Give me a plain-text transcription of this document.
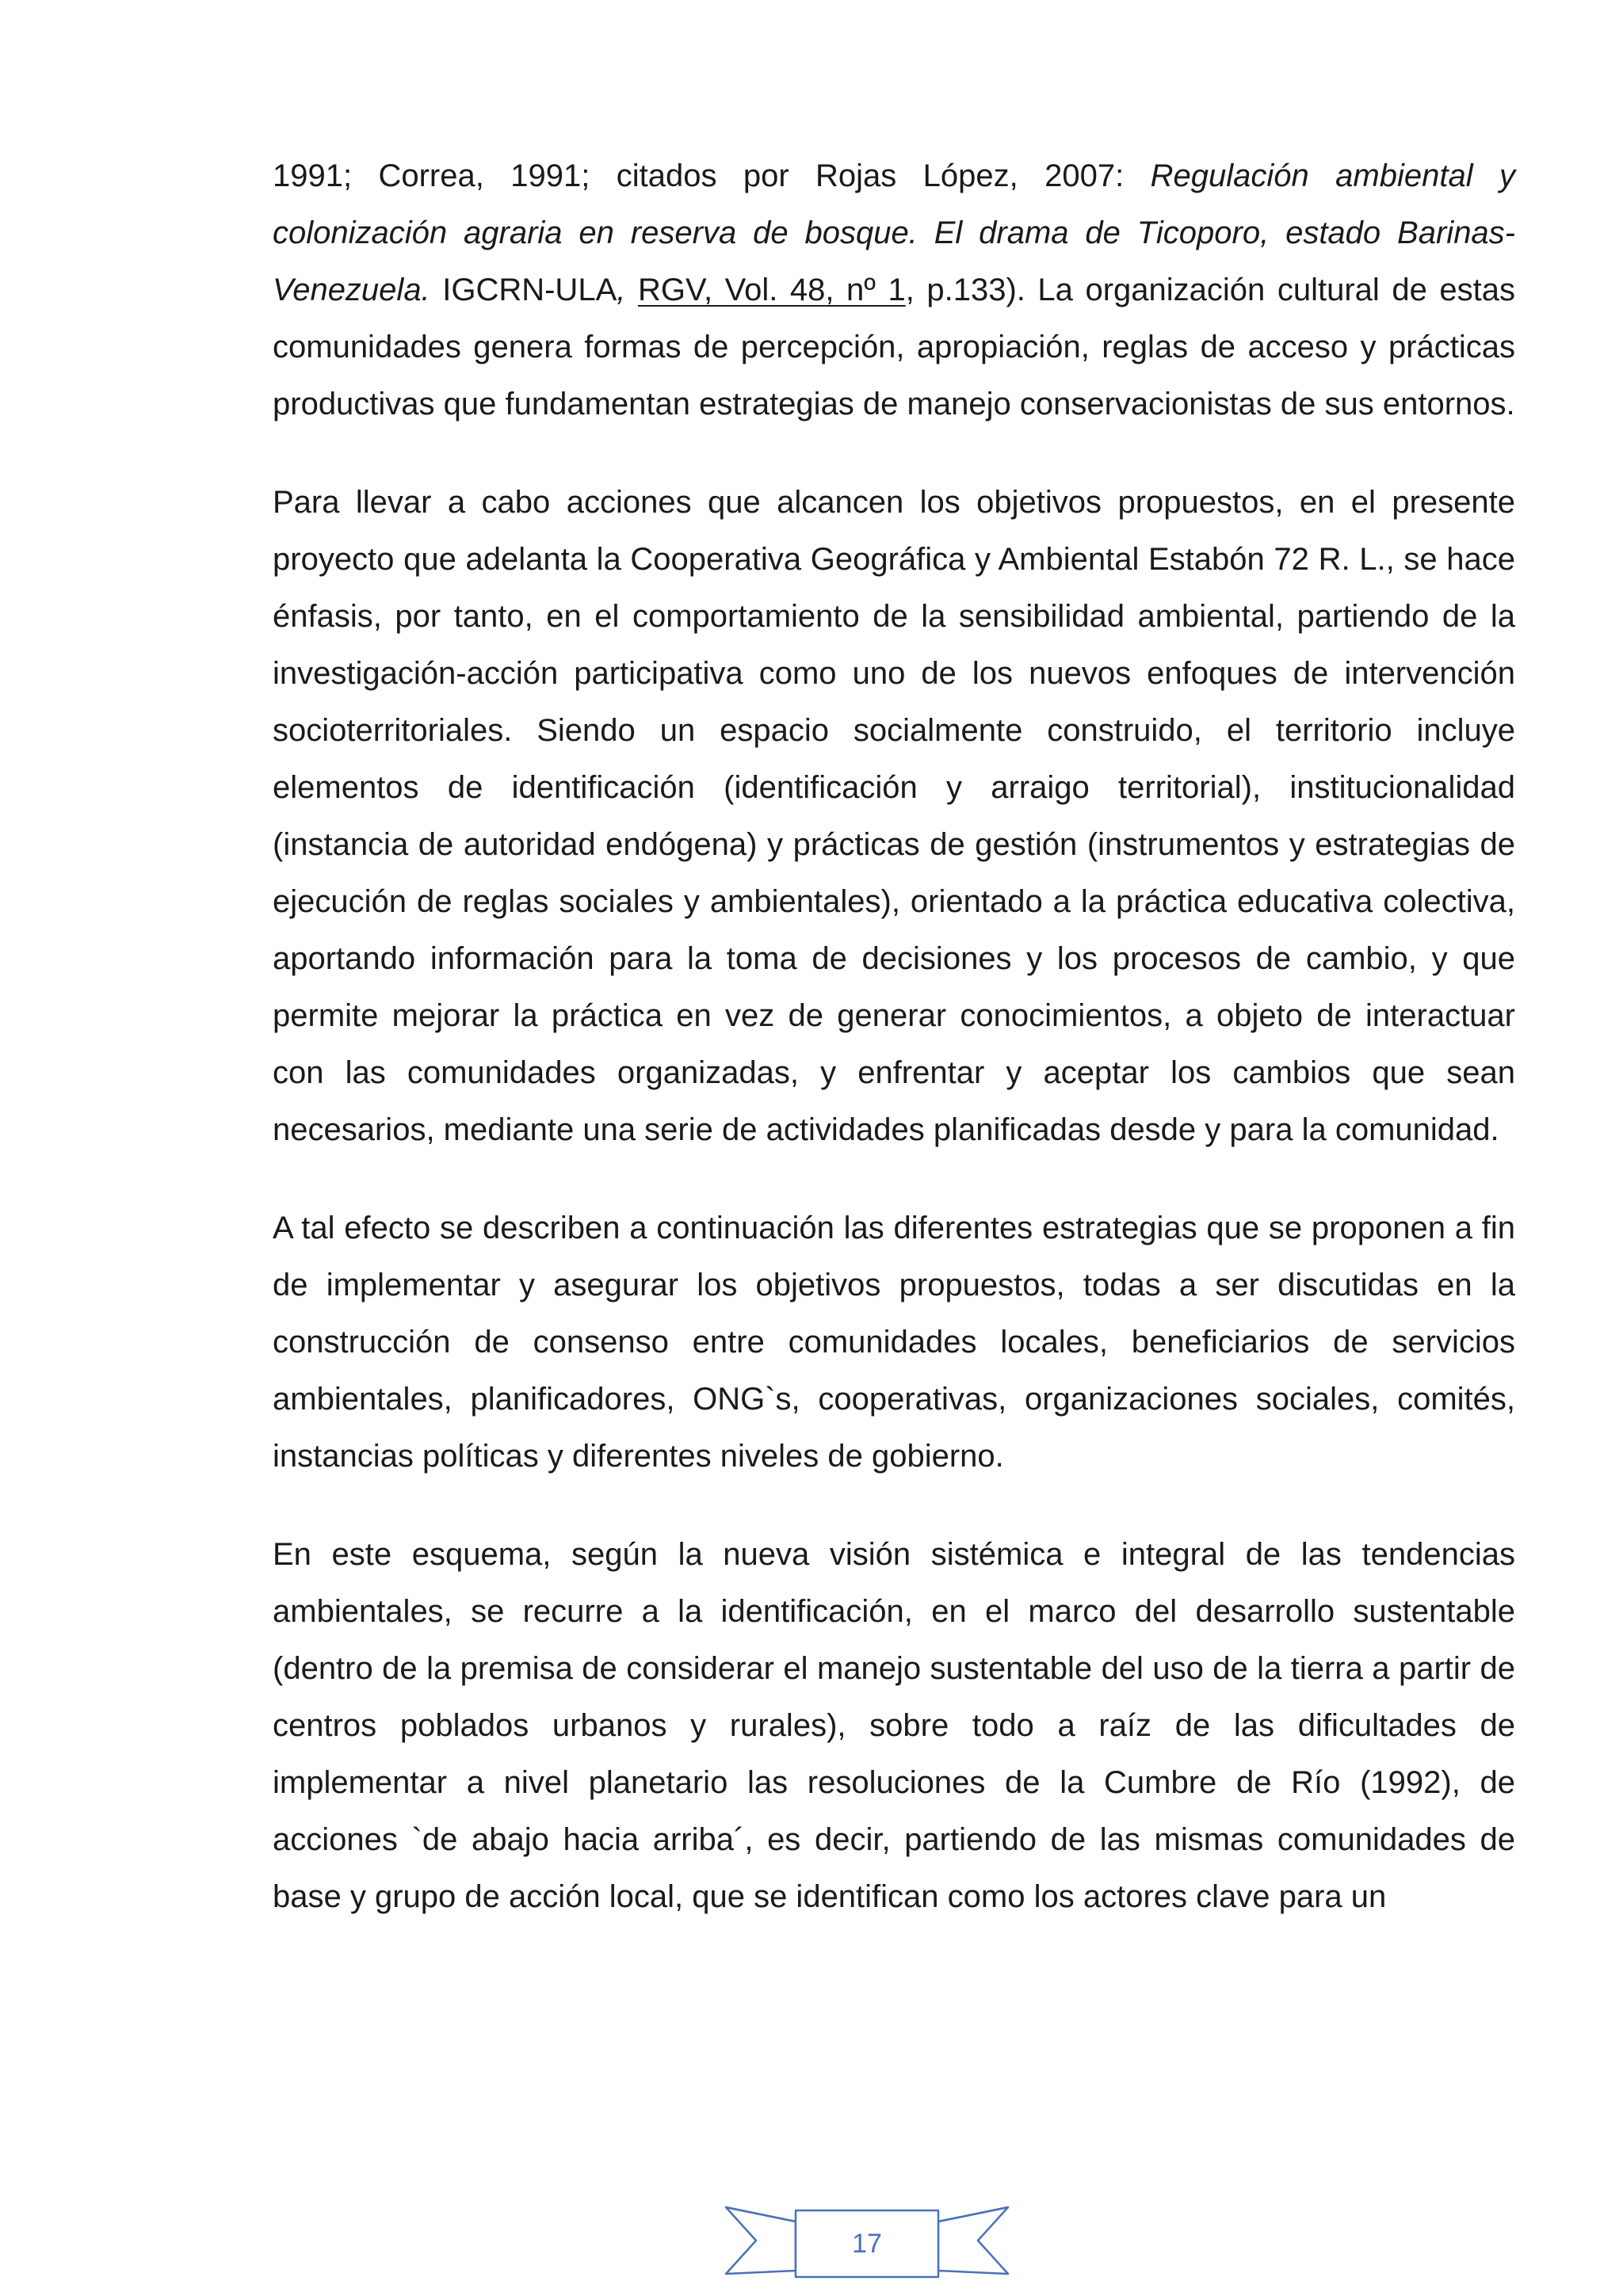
1991; Correa, 1991; citados por Rojas López, 2007: Regulación ambiental y colonización agraria en reserva de bosque. El drama de Ticoporo, estado Barinas-Venezuela. IGCRN-ULA, RGV, Vol. 48, nº 1, p.133). La organización cultural de estas comunidades genera formas de percepción, apropiación, reglas de acceso y prácticas productivas que fundamentan estrategias de manejo conservacionistas de sus entornos.

Para llevar a cabo acciones que alcancen los objetivos propuestos, en el presente proyecto que adelanta la Cooperativa Geográfica y Ambiental Estabón 72 R. L., se hace énfasis, por tanto, en el comportamiento de la sensibilidad ambiental, partiendo de la investigación-acción participativa como uno de los nuevos enfoques de intervención socioterritoriales. Siendo un espacio socialmente construido, el territorio incluye elementos de identificación (identificación y arraigo territorial), institucionalidad (instancia de autoridad endógena) y prácticas de gestión (instrumentos y estrategias de ejecución de reglas sociales y ambientales), orientado a la práctica educativa colectiva, aportando información para la toma de decisiones y los procesos de cambio, y que permite mejorar la práctica en vez de generar conocimientos, a objeto de interactuar con las comunidades organizadas, y enfrentar y aceptar los cambios que sean necesarios, mediante una serie de actividades planificadas desde y para la comunidad.

A tal efecto se describen a continuación las diferentes estrategias que se proponen a fin de implementar y asegurar los objetivos propuestos, todas a ser discutidas en la construcción de consenso entre comunidades locales, beneficiarios de servicios ambientales, planificadores, ONG`s, cooperativas, organizaciones sociales, comités, instancias políticas y diferentes niveles de gobierno.

En este esquema, según la nueva visión sistémica e integral de las tendencias ambientales, se recurre a la identificación, en el marco del desarrollo sustentable (dentro de la premisa de considerar el manejo sustentable del uso de la tierra a partir de centros poblados urbanos y rurales), sobre todo a raíz de las dificultades de implementar a nivel planetario las resoluciones de la Cumbre de Río (1992), de acciones `de abajo hacia arriba´, es decir, partiendo de las mismas comunidades de base y grupo de acción local, que se identifican como los actores clave para un

17
